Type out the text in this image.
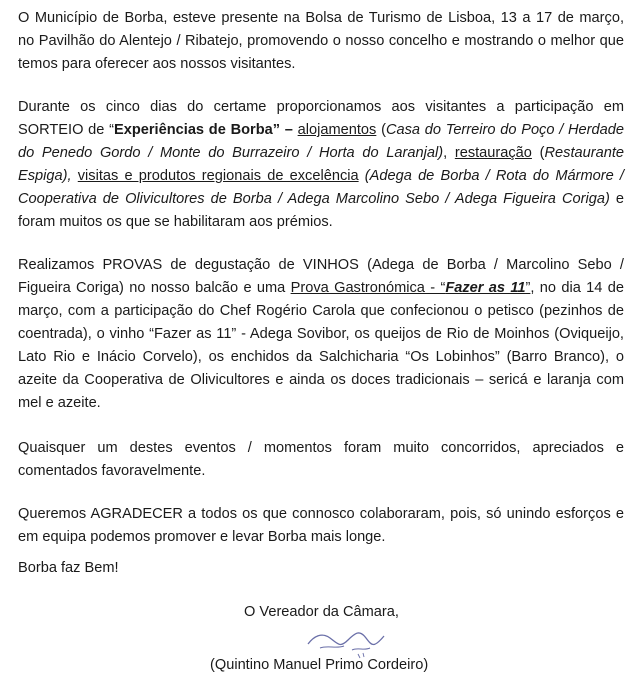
O Município de Borba, esteve presente na Bolsa de Turismo de Lisboa, 13 a 17 de março,
no Pavilhão do Alentejo / Ribatejo, promovendo o nosso concelho e mostrando o melhor que
temos para oferecer aos nossos visitantes.

Durante os cinco dias do certame proporcionamos aos visitantes a participação em
SORTEIO de “Experiências de Borba” – alojamentos (Casa do Terreiro do Poço / Herdade
do Penedo Gordo / Monte do Burrazeiro / Horta do Laranjal), restauração (Restaurante
Espiga), visitas e produtos regionais de excelência (Adega de Borba / Rota do Mármore /
Cooperativa de Olivicultores de Borba / Adega Marcolino Sebo / Adega Figueira Coriga) e
foram muitos os que se habilitaram aos prémios.

Realizamos PROVAS de degustação de VINHOS (Adega de Borba / Marcolino Sebo /
Figueira Coriga) no nosso balcão e uma Prova Gastronómica - “Fazer as 11”, no dia 14 de
março, com a participação do Chef Rogério Carola que confecionou o petisco (pezinhos de
coentrada), o vinho “Fazer as 11” - Adega Sovibor, os queijos de Rio de Moinhos (Oviqueijo,
Lato Rio e Inácio Corvelo), os enchidos da Salchicharia “Os Lobinhos” (Barro Branco), o
azeite da Cooperativa de Olivicultores e ainda os doces tradicionais – sericá e laranja com
mel e azeite.

Quaisquer um destes eventos / momentos foram muito concorridos, apreciados e
comentados favoravelmente.

Queremos AGRADECER a todos os que connosco colaboraram, pois, só unindo esforços e
em equipa podemos promover e levar Borba mais longe.

Borba faz Bem!

O Vereador da Câmara,
(Quintino Manuel Primo Cordeiro)
